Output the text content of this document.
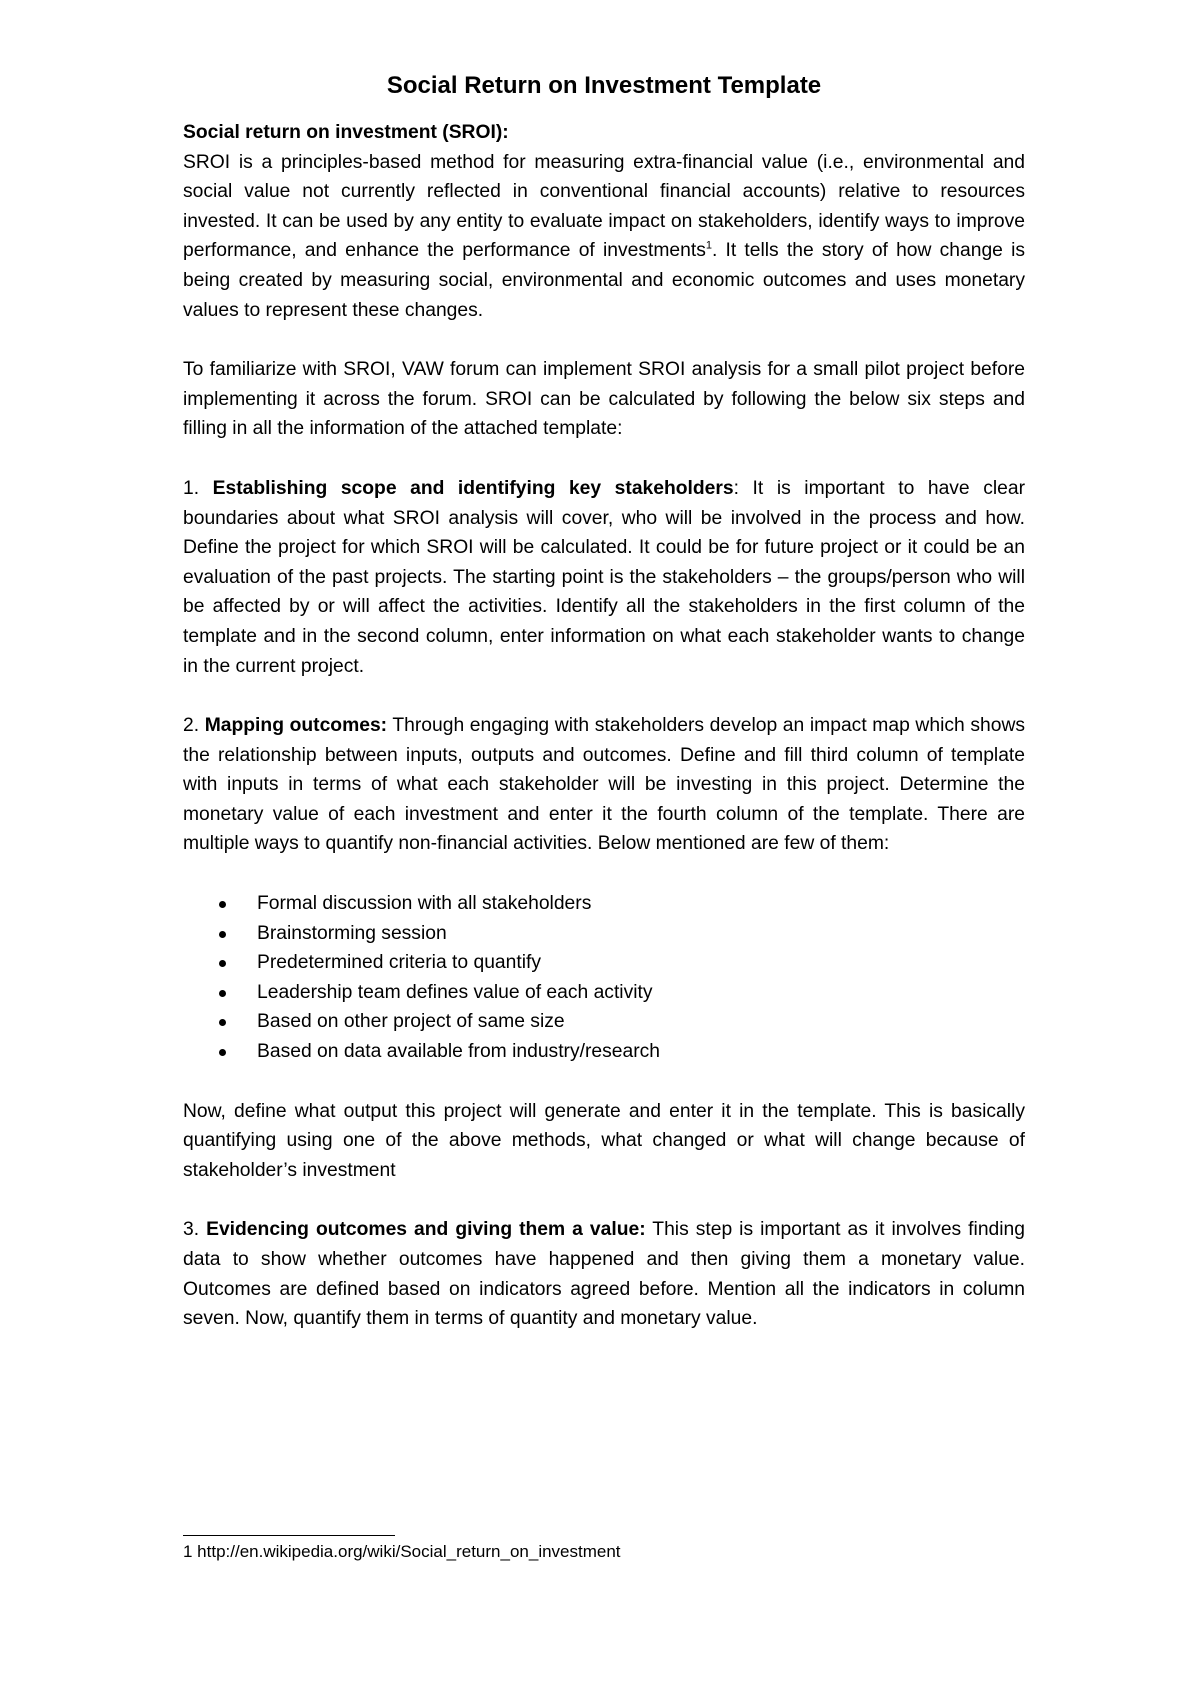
Social Return on Investment Template

Social return on investment (SROI):

SROI is a principles-based method for measuring extra-financial value (i.e., environmental and social value not currently reflected in conventional financial accounts) relative to resources invested. It can be used by any entity to evaluate impact on stakeholders, identify ways to improve performance, and enhance the performance of investments$^1$. It tells the story of how change is being created by measuring social, environmental and economic outcomes and uses monetary values to represent these changes.

To familiarize with SROI, VAW forum can implement SROI analysis for a small pilot project before implementing it across the forum. SROI can be calculated by following the below six steps and filling in all the information of the attached template:

1. Establishing scope and identifying key stakeholders: It is important to have clear boundaries about what SROI analysis will cover, who will be involved in the process and how. Define the project for which SROI will be calculated. It could be for future project or it could be an evaluation of the past projects. The starting point is the stakeholders – the groups/person who will be affected by or will affect the activities. Identify all the stakeholders in the first column of the template and in the second column, enter information on what each stakeholder wants to change in the current project.

2. Mapping outcomes: Through engaging with stakeholders develop an impact map which shows the relationship between inputs, outputs and outcomes. Define and fill third column of template with inputs in terms of what each stakeholder will be investing in this project. Determine the monetary value of each investment and enter it the fourth column of the template. There are multiple ways to quantify non-financial activities. Below mentioned are few of them:

Formal discussion with all stakeholders
Brainstorming session
Predetermined criteria to quantify
Leadership team defines value of each activity
Based on other project of same size
Based on data available from industry/research

Now, define what output this project will generate and enter it in the template. This is basically quantifying using one of the above methods, what changed or what will change because of stakeholder’s investment

3. Evidencing outcomes and giving them a value: This step is important as it involves finding data to show whether outcomes have happened and then giving them a monetary value. Outcomes are defined based on indicators agreed before. Mention all the indicators in column seven. Now, quantify them in terms of quantity and monetary value.

1 http://en.wikipedia.org/wiki/Social_return_on_investment
